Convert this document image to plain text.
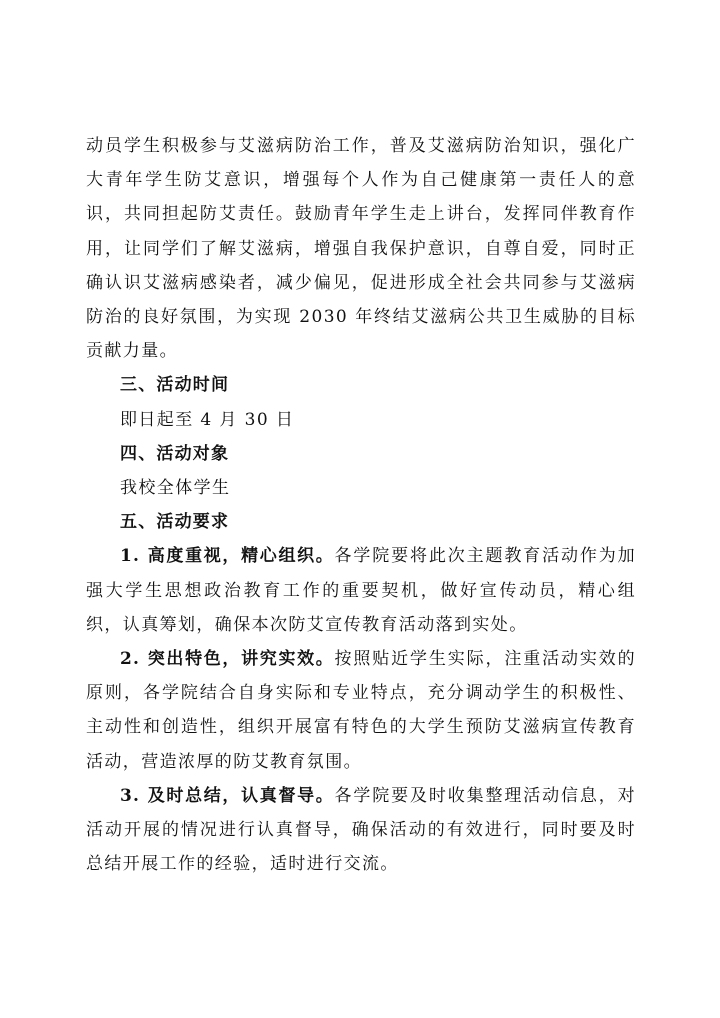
动员学生积极参与艾滋病防治工作，普及艾滋病防治知识，强化广大青年学生防艾意识，增强每个人作为自己健康第一责任人的意识，共同担起防艾责任。鼓励青年学生走上讲台，发挥同伴教育作用，让同学们了解艾滋病，增强自我保护意识，自尊自爱，同时正确认识艾滋病感染者，减少偏见，促进形成全社会共同参与艾滋病防治的良好氛围，为实现 2030 年终结艾滋病公共卫生威胁的目标贡献力量。

三、活动时间

即日起至 4 月 30 日

四、活动对象

我校全体学生

五、活动要求

1. 高度重视，精心组织。各学院要将此次主题教育活动作为加强大学生思想政治教育工作的重要契机，做好宣传动员，精心组织，认真筹划，确保本次防艾宣传教育活动落到实处。

2. 突出特色，讲究实效。按照贴近学生实际，注重活动实效的原则，各学院结合自身实际和专业特点，充分调动学生的积极性、主动性和创造性，组织开展富有特色的大学生预防艾滋病宣传教育活动，营造浓厚的防艾教育氛围。

3. 及时总结，认真督导。各学院要及时收集整理活动信息，对活动开展的情况进行认真督导，确保活动的有效进行，同时要及时总结开展工作的经验，适时进行交流。
